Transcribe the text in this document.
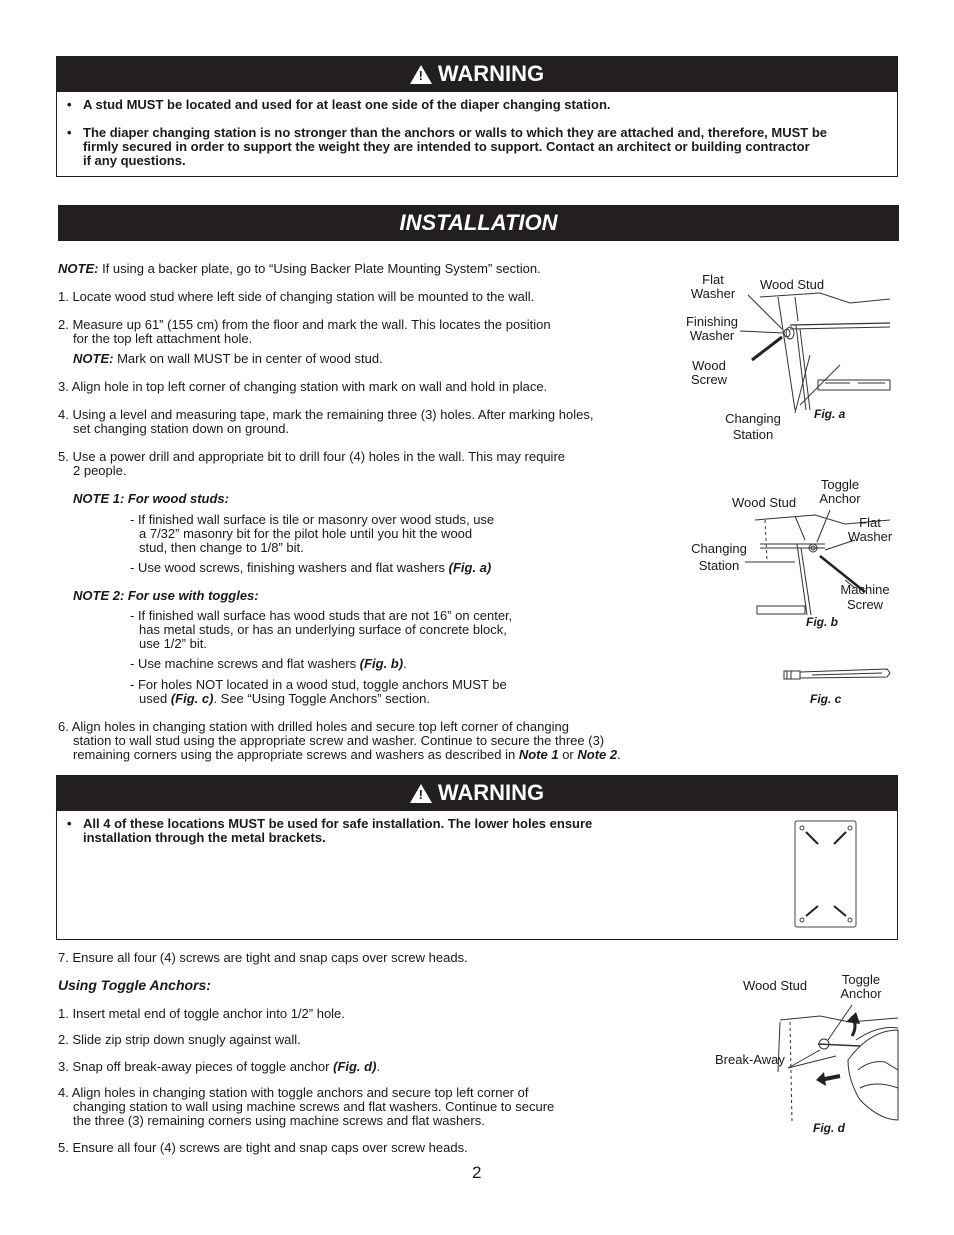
! WARNING
• A stud MUST be located and used for at least one side of the diaper changing station.
• The diaper changing station is no stronger than the anchors or walls to which they are attached and, therefore, MUST be
firmly secured in order to support the weight they are intended to support. Contact an architect or building contractor
if any questions.
INSTALLATION
NOTE: If using a backer plate, go to “Using Backer Plate Mounting System” section.
1. Locate wood stud where left side of changing station will be mounted to the wall.
2. Measure up 61” (155 cm) from the floor and mark the wall. This locates the position
for the top left attachment hole.
NOTE: Mark on wall MUST be in center of wood stud.
3. Align hole in top left corner of changing station with mark on wall and hold in place.
4. Using a level and measuring tape, mark the remaining three (3) holes. After marking holes,
set changing station down on ground.
5. Use a power drill and appropriate bit to drill four (4) holes in the wall. This may require
2 people.
NOTE 1: For wood studs:
- If finished wall surface is tile or masonry over wood studs, use
a 7/32” masonry bit for the pilot hole until you hit the wood
stud, then change to 1/8” bit.
- Use wood screws, finishing washers and flat washers (Fig. a)
NOTE 2: For use with toggles:
- If finished wall surface has wood studs that are not 16” on center,
has metal studs, or has an underlying surface of concrete block,
use 1/2” bit.
- Use machine screws and flat washers (Fig. b).
- For holes NOT located in a wood stud, toggle anchors MUST be
used (Fig. c). See “Using Toggle Anchors” section.
6. Align holes in changing station with drilled holes and secure top left corner of changing
station to wall stud using the appropriate screw and washer. Continue to secure the three (3)
remaining corners using the appropriate screws and washers as described in Note 1 or Note 2.
Flat
Washer
Wood Stud
Finishing
Washer
Wood
Screw
Changing
Station
Fig. a
Wood Stud
Toggle
Anchor
Flat
Washer
Changing
Station
Machine
Screw
Fig. b
Fig. c
! WARNING
• All 4 of these locations MUST be used for safe installation. The lower holes ensure
installation through the metal brackets.
7. Ensure all four (4) screws are tight and snap caps over screw heads.
Using Toggle Anchors:
1. Insert metal end of toggle anchor into 1/2” hole.
2. Slide zip strip down snugly against wall.
3. Snap off break-away pieces of toggle anchor (Fig. d).
4. Align holes in changing station with toggle anchors and secure top left corner of
changing station to wall using machine screws and flat washers. Continue to secure
the three (3) remaining corners using machine screws and flat washers.
5. Ensure all four (4) screws are tight and snap caps over screw heads.
Wood Stud	Toggle
Anchor
Break-Away
Fig. d
2
